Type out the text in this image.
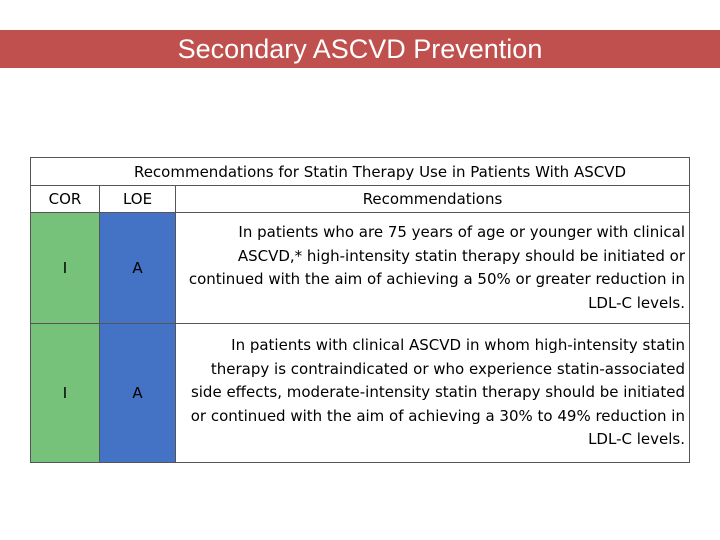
Secondary ASCVD Prevention
Recommendations for Statin Therapy Use in Patients With ASCVD		
COR	LOE	Recommendations
I	A	In patients who are 75 years of age or younger with clinical ASCVD,* high-intensity statin therapy should be initiated or continued with the aim of achieving a 50% or greater reduction in LDL-C levels.
I	A	In patients with clinical ASCVD in whom high-intensity statin therapy is contraindicated or who experience statin-associated side effects, moderate-intensity statin therapy should be initiated or continued with the aim of achieving a 30% to 49% reduction in LDL-C levels.
